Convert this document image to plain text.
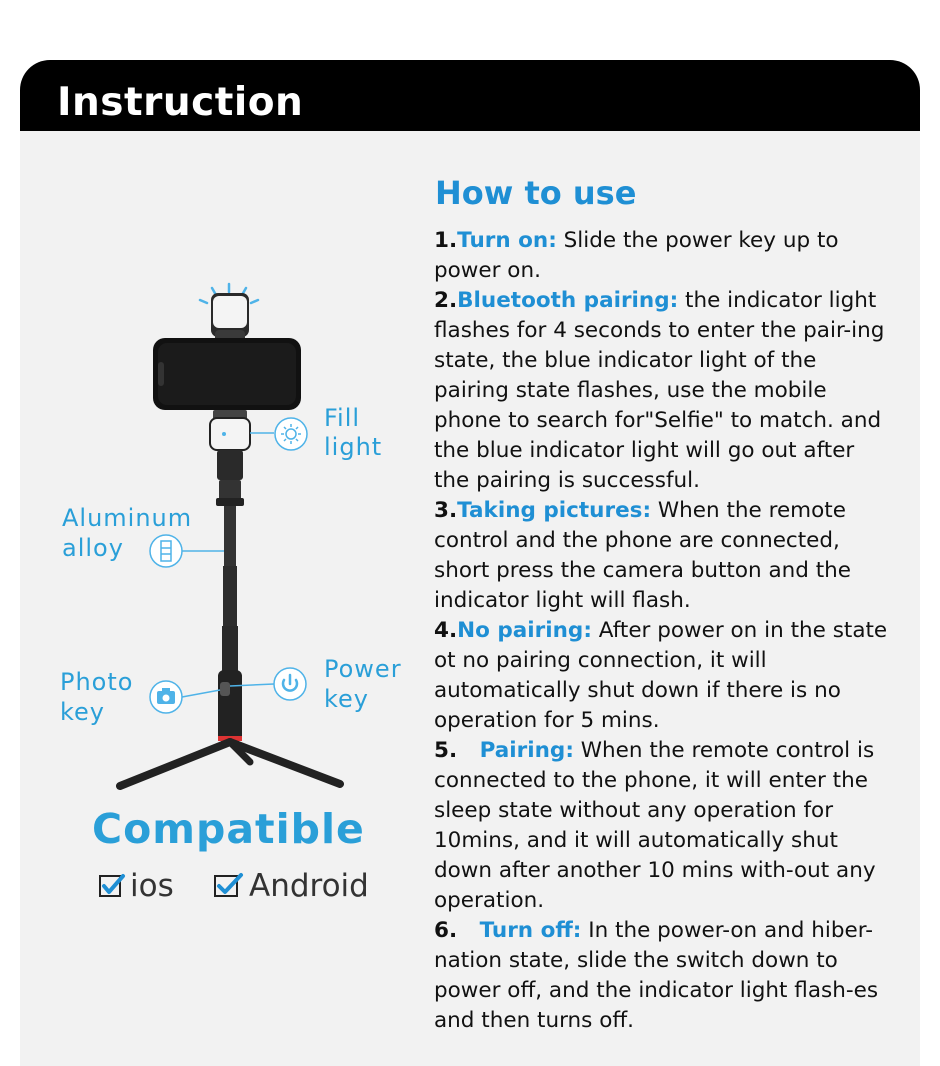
Instruction
Fill
light
Aluminum
alloy
Photo
key
Power
key
Compatible
ios Android
How to use
1.Turn on: Slide the power key up to power on.
2.Bluetooth pairing: the indicator light flashes for 4 seconds to enter the pair-ing state, the blue indicator light of the pairing state flashes, use the mobile phone to search for"Selfie" to match. and the blue indicator light will go out after the pairing is successful.
3.Taking pictures: When the remote control and the phone are connected, short press the camera button and the indicator light will flash.
4.No pairing: After power on in the state ot no pairing connection, it will automatically shut down if there is no operation for 5 mins.
5.   Pairing: When the remote control is connected to the phone, it will enter the sleep state without any operation for 10mins, and it will automatically shut down after another 10 mins with-out any operation.
6.   Turn off: In the power-on and hiber-nation state, slide the switch down to power off, and the indicator light flash-es and then turns off.
